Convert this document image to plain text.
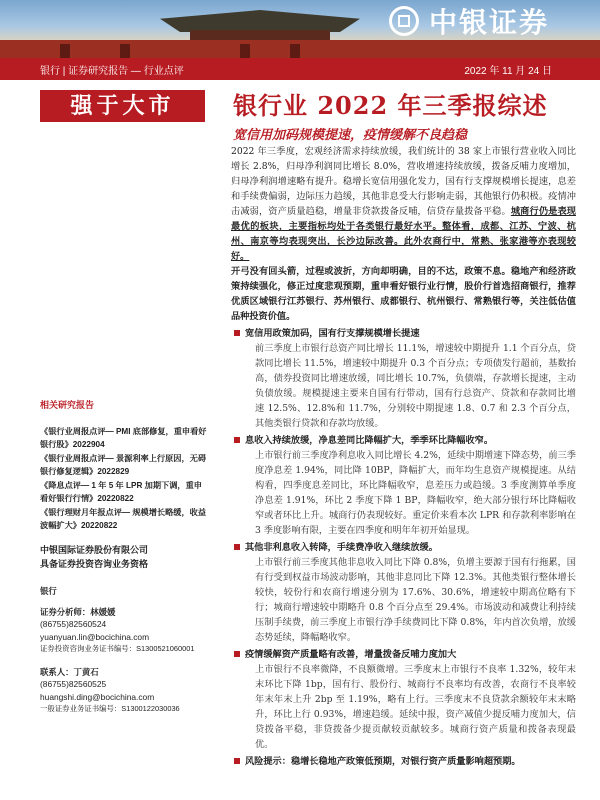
中银证券
银行 | 证券研究报告 — 行业点评	2022 年 11 月 24 日
强于大市	银行业 2022 年三季报综述
宽信用加码规模提速，疫情缓解不良趋稳

2022 年三季度，宏观经济需求持续放缓，我们统计的 38 家上市银行营业收入同比增长 2.8%，归母净利润同比增长 8.0%，营收增速持续放缓，拨备反哺力度增加，归母净利润增速略有提升。稳增长宽信用强化发力，国有行支撑规模增长提速，息差和手续费偏弱，边际压力趋缓，其他非息受大行影响走弱，其他银行仍积极。疫情冲击减弱，资产质量趋稳，增量非贷款拨备反哺，信贷存量拨备平稳。城商行仍是表现最优的板块，主要指标均处于各类银行最好水平。整体看，成都、江苏、宁波、杭州、南京等均表现突出，长沙边际改善。此外农商行中，常熟、张家港等亦表现较好。

开弓没有回头箭，过程或波折，方向却明确，目的不达，政策不息。稳地产和经济政策持续强化，修正过度悲观预期，重申看好银行业行情，股价行首选招商银行，推荐优质区域银行江苏银行、苏州银行、成都银行、杭州银行、常熟银行等，关注低估值品种投资价值。

宽信用政策加码，国有行支撑规模增长提速

前三季度上市银行总资产同比增长 11.1%，增速较中期提升 1.1 个百分点，贷款同比增长 11.5%，增速较中期提升 0.3 个百分点；专项债发行超前，基数抬高，债券投资同比增速放缓，同比增长 10.7%，负债端，存款增长提速，主动负债放缓。规模提速主要来自国有行带动，国有行总资产、贷款和存款同比增速 12.5%、12.8%和 11.7%，分别较中期提速 1.8、0.7 和 2.3 个百分点，其他类银行贷款和存款均放缓。

息收入持续放缓，净息差同比降幅扩大，季季环比降幅收窄。

上市银行前三季度净利息收入同比增长 4.2%，延续中期增速下降态势，前三季度净息差 1.94%，同比降 10BP，降幅扩大，而年均生息资产规模提速。从结构看，四季度息差同比，环比降幅收窄，息差压力或趋缓。3 季度测算单季度净息差 1.91%，环比 2 季度下降 1 BP，降幅收窄，绝大部分银行环比降幅收窄或者环比上升。城商行仍表现较好。重定价来看本次 LPR 和存款利率影响在 3 季度影响有限，主要在四季度和明年年初开始显现。

其他非利息收入转降，手续费净收入继续放缓。

上市银行前三季度其他非息收入同比下降 0.8%，负增主要源于国有行拖累，国有行受到权益市场波动影响，其他非息同比下降 12.3%。其他类银行整体增长较快，较份行和农商行增速分别为 17.6%、30.6%，增速较中期高位略有下行；城商行增速较中期略升 0.8 个百分点至 29.4%。市场波动和减费让利持续压制手续费，前三季度上市银行净手续费同比下降 0.8%，年内首次负增，放缓态势延续，降幅略收窄。

疫情缓解资产质量略有改善，增量拨备反哺力度加大

上市银行不良率微降，不良额微增。三季度末上市银行不良率 1.32%，较年末末环比下降 1bp，国有行、股份行、城商行不良率均有改善，农商行不良率较年末年末上升 2bp 至 1.19%，略有上行。三季度末不良贷款余额较年末末略升，环比上行 0.93%，增速趋缓。延续中报，资产减值少提反哺力度加大，信贷拨备平稳，非贷拨备少提贡献较贡献较多。城商行资产质量和拨备表现最优。

风险提示：稳增长稳地产政策低预期，对银行资产质量影响超预期。
相关研究报告
《银行业周报点评— PMI 底部修复，重申看好银行股》2022904
《银行业周报点评— 景源利率上行原因，无碍银行修复逻辑》2022829
《降息点评— 1 年 5 年 LPR 加期下调，重申看好银行行情》20220822
《银行理财月年报点评— 规模增长略缓，收益波幅扩大》20220822
中银国际证券股份有限公司
具备证券投资咨询业务资格
银行
证券分析师：林媛媛
(86755)82560524
yuanyuan.lin@bocichina.com
证券投资咨询业务证书编号：S1300521060001
联系人：丁黄石
(86755)82560525
huangshi.ding@bocichina.com
一般证券业务证书编号：S1300122030036
